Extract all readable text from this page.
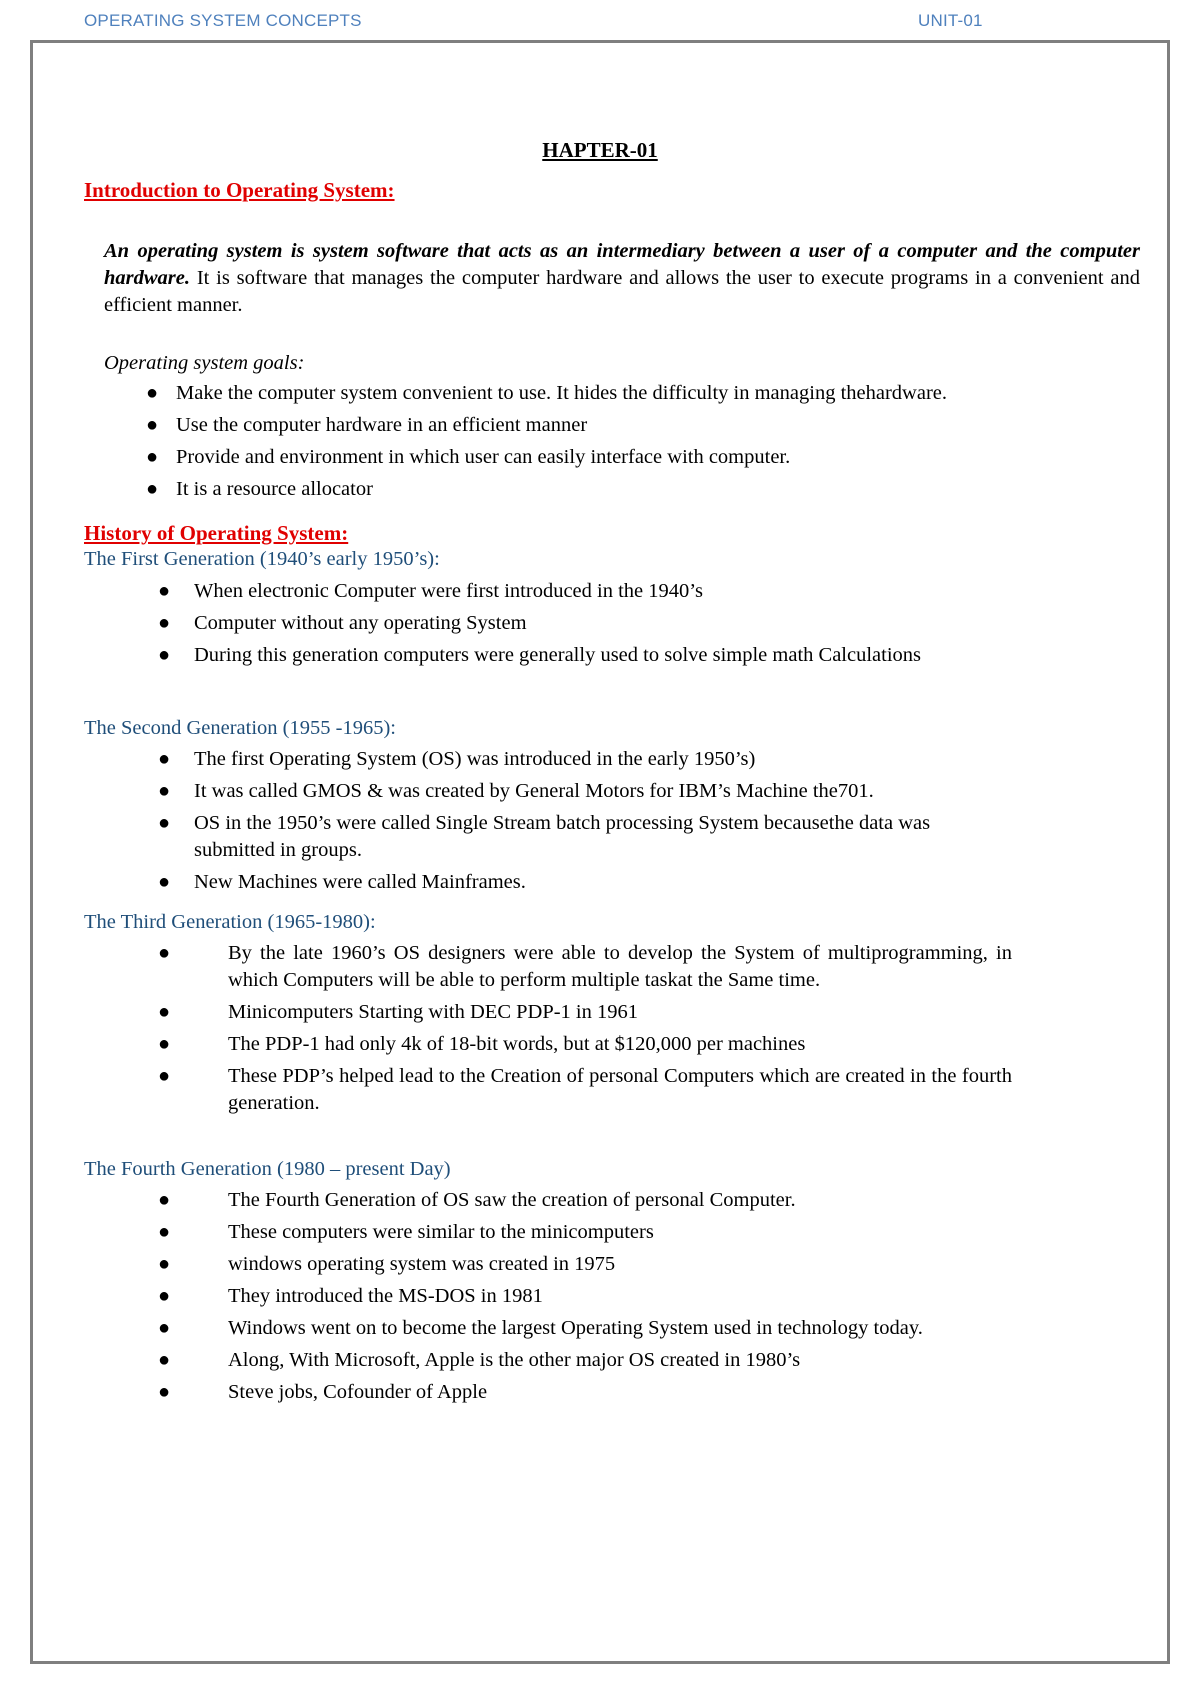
OPERATING SYSTEM CONCEPTS	UNIT-01
HAPTER-01
Introduction to Operating System:
An operating system is system software that acts as an intermediary between a user of a computer and the computer hardware. It is software that manages the computer hardware and allows the user to execute programs in a convenient and efficient manner.
Operating system goals:
● Make the computer system convenient to use. It hides the difficulty in managing thehardware.
● Use the computer hardware in an efficient manner
● Provide and environment in which user can easily interface with computer.
● It is a resource allocator
History of Operating System:
The First Generation (1940’s early 1950’s):
● When electronic Computer were first introduced in the 1940’s
● Computer without any operating System
● During this generation computers were generally used to solve simple math Calculations
The Second Generation (1955 -1965):
● The first Operating System (OS) was introduced in the early 1950’s)
● It was called GMOS & was created by General Motors for IBM’s Machine the701.
● OS in the 1950’s were called Single Stream batch processing System becausethe data was submitted in groups.
● New Machines were called Mainframes.
The Third Generation (1965-1980):
●	By the late 1960’s OS designers were able to develop the System of multiprogramming, in which Computers will be able to perform multiple taskat the Same time.
●	Minicomputers Starting with DEC PDP-1 in 1961
●	The PDP-1 had only 4k of 18-bit words, but at $120,000 per machines
●	These PDP’s helped lead to the Creation of personal Computers which are created in the fourth generation.
The Fourth Generation (1980 – present Day)
●	The Fourth Generation of OS saw the creation of personal Computer.
●	These computers were similar to the minicomputers
●	windows operating system was created in 1975
●	They introduced the MS-DOS in 1981
●	Windows went on to become the largest Operating System used in technology today.
●	Along, With Microsoft, Apple is the other major OS created in 1980’s
●	Steve jobs, Cofounder of Apple
